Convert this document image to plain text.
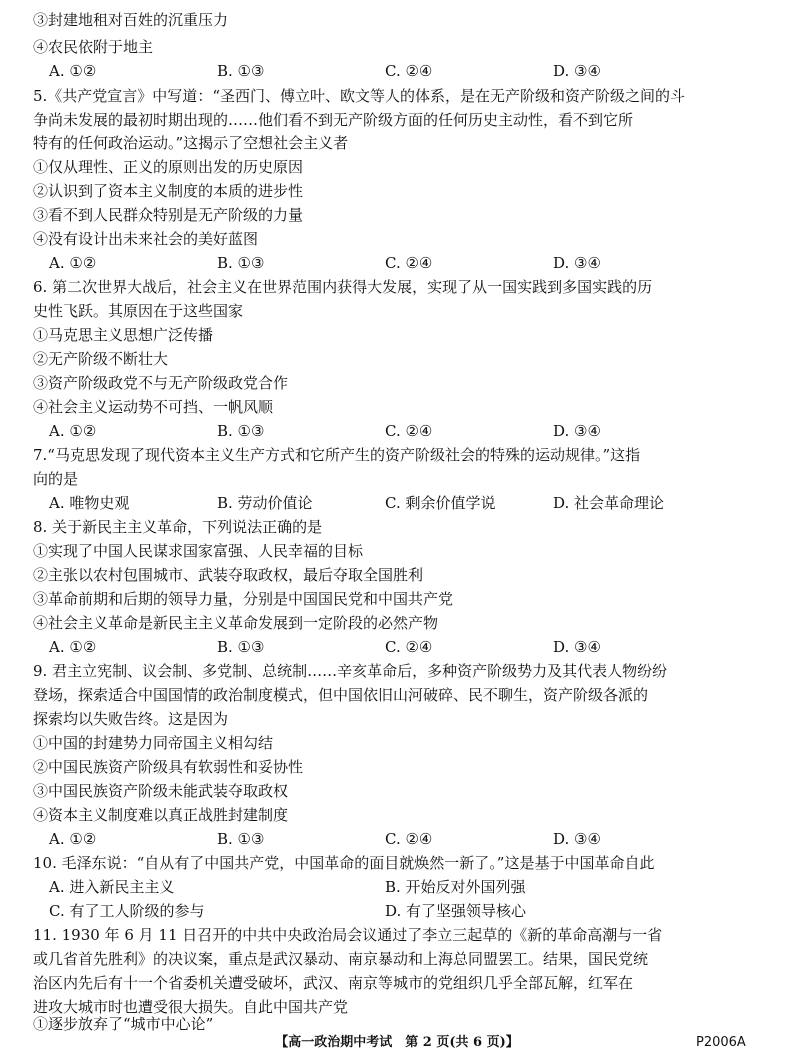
③封建地租对百姓的沉重压力
④农民依附于地主
A. ①②	B. ①③	C. ②④	D. ③④
5.《共产党宣言》中写道：“圣西门、傅立叶、欧文等人的体系，是在无产阶级和资产阶级之间的斗
争尚未发展的最初时期出现的……他们看不到无产阶级方面的任何历史主动性，看不到它所
特有的任何政治运动。”这揭示了空想社会主义者
①仅从理性、正义的原则出发的历史原因
②认识到了资本主义制度的本质的进步性
③看不到人民群众特别是无产阶级的力量
④没有设计出未来社会的美好蓝图
A. ①②	B. ①③	C. ②④	D. ③④
6. 第二次世界大战后，社会主义在世界范围内获得大发展，实现了从一国实践到多国实践的历
史性飞跃。其原因在于这些国家
①马克思主义思想广泛传播
②无产阶级不断壮大
③资产阶级政党不与无产阶级政党合作
④社会主义运动势不可挡、一帆风顺
A. ①②	B. ①③	C. ②④	D. ③④
7.“马克思发现了现代资本主义生产方式和它所产生的资产阶级社会的特殊的运动规律。”这指
向的是
A. 唯物史观	B. 劳动价值论	C. 剩余价值学说	D. 社会革命理论
8. 关于新民主主义革命，下列说法正确的是
①实现了中国人民谋求国家富强、人民幸福的目标
②主张以农村包围城市、武装夺取政权，最后夺取全国胜利
③革命前期和后期的领导力量，分别是中国国民党和中国共产党
④社会主义革命是新民主主义革命发展到一定阶段的必然产物
A. ①②	B. ①③	C. ②④	D. ③④
9. 君主立宪制、议会制、多党制、总统制……辛亥革命后，多种资产阶级势力及其代表人物纷纷
登场，探索适合中国国情的政治制度模式，但中国依旧山河破碎、民不聊生，资产阶级各派的
探索均以失败告终。这是因为
①中国的封建势力同帝国主义相勾结
②中国民族资产阶级具有软弱性和妥协性
③中国民族资产阶级未能武装夺取政权
④资本主义制度难以真正战胜封建制度
A. ①②	B. ①③	C. ②④	D. ③④
10. 毛泽东说：“自从有了中国共产党，中国革命的面目就焕然一新了。”这是基于中国革命自此
A. 进入新民主主义	B. 开始反对外国列强
C. 有了工人阶级的参与	D. 有了坚强领导核心
11. 1930 年 6 月 11 日召开的中共中央政治局会议通过了李立三起草的《新的革命高潮与一省
或几省首先胜利》的决议案，重点是武汉暴动、南京暴动和上海总同盟罢工。结果，国民党统
治区内先后有十一个省委机关遭受破坏，武汉、南京等城市的党组织几乎全部瓦解，红军在
进攻大城市时也遭受很大损失。自此中国共产党
①逐步放弃了“城市中心论”
【高一政治期中考试　第 2 页(共 6 页)】	P2006A
